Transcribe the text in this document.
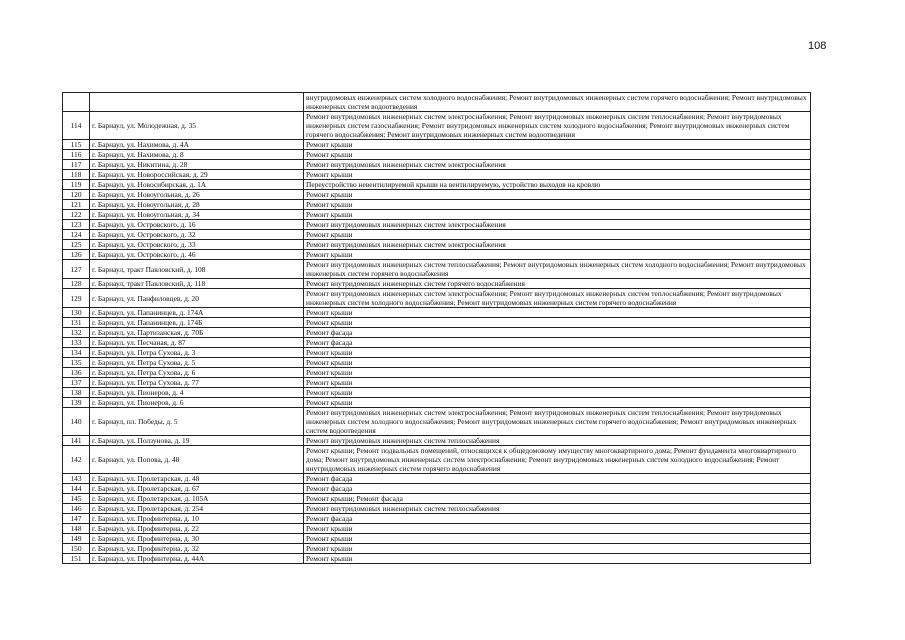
108
		внутридомовых инженерных систем холодного водоснабжения; Ремонт внутридомовых инженерных систем горячего водоснабжения; Ремонт внутридомовых инженерных систем водоотведения
114	г. Барнаул, ул. Молодежная, д. 35	Ремонт внутридомовых инженерных систем электроснабжения; Ремонт внутридомовых инженерных систем теплоснабжения; Ремонт внутридомовых инженерных систем газоснабжения; Ремонт внутридомовых инженерных систем холодного водоснабжения; Ремонт внутридомовых инженерных систем горячего водоснабжения; Ремонт внутридомовых инженерных систем водоотведения
115	г. Барнаул, ул. Нахимова, д. 4А	Ремонт крыши
116	г. Барнаул, ул. Нахимова, д. 8	Ремонт крыши
117	г. Барнаул, ул. Никитина, д. 28	Ремонт внутридомовых инженерных систем электроснабжения
118	г. Барнаул, ул. Новороссийская, д. 29	Ремонт крыши
119	г. Барнаул, ул. Новосибирская, д. 1А	Переустройство невентилируемой крыши на вентилируемую, устройство выходов на кровлю
120	г. Барнаул, ул. Новоугольная, д. 26	Ремонт крыши
121	г. Барнаул, ул. Новоугольная, д. 28	Ремонт крыши
122	г. Барнаул, ул. Новоугольная, д. 34	Ремонт крыши
123	г. Барнаул, ул. Островского, д. 16	Ремонт внутридомовых инженерных систем электроснабжения
124	г. Барнаул, ул. Островского, д. 32	Ремонт крыши
125	г. Барнаул, ул. Островского, д. 33	Ремонт внутридомовых инженерных систем электроснабжения
126	г. Барнаул, ул. Островского, д. 46	Ремонт крыши
127	г. Барнаул, тракт Павловский, д. 108	Ремонт внутридомовых инженерных систем теплоснабжения; Ремонт внутридомовых инженерных систем холодного водоснабжения; Ремонт внутридомовых инженерных систем горячего водоснабжения
128	г. Барнаул, тракт Павловский, д. 118	Ремонт внутридомовых инженерных систем горячего водоснабжения
129	г. Барнаул, ул. Панфиловцев, д. 20	Ремонт внутридомовых инженерных систем электроснабжения; Ремонт внутридомовых инженерных систем теплоснабжения; Ремонт внутридомовых инженерных систем холодного водоснабжения; Ремонт внутридомовых инженерных систем горячего водоснабжения
130	г. Барнаул, ул. Папанинцев, д. 174А	Ремонт крыши
131	г. Барнаул, ул. Папанинцев, д. 174Б	Ремонт крыши
132	г. Барнаул, ул. Партизанская, д. 70Б	Ремонт фасада
133	г. Барнаул, ул. Песчаная, д. 87	Ремонт фасада
134	г. Барнаул, ул. Петра Сухова, д. 3	Ремонт крыши
135	г. Барнаул, ул. Петра Сухова, д. 5	Ремонт крыши
136	г. Барнаул, ул. Петра Сухова, д. 6	Ремонт крыши
137	г. Барнаул, ул. Петра Сухова, д. 77	Ремонт крыши
138	г. Барнаул, ул. Пионеров, д. 4	Ремонт крыши
139	г. Барнаул, ул. Пионеров, д. 6	Ремонт крыши
140	г. Барнаул, пл. Победы, д. 5	Ремонт внутридомовых инженерных систем электроснабжения; Ремонт внутридомовых инженерных систем теплоснабжения; Ремонт внутридомовых инженерных систем холодного водоснабжения; Ремонт внутридомовых инженерных систем горячего водоснабжения; Ремонт внутридомовых инженерных систем водоотведения
141	г. Барнаул, ул. Ползунова, д. 19	Ремонт внутридомовых инженерных систем теплоснабжения
142	г. Барнаул, ул. Попова, д. 48	Ремонт крыши; Ремонт подвальных помещений, относящихся к общедомовому имуществу многоквартирного дома; Ремонт фундамента многоквартирного дома; Ремонт внутридомовых инженерных систем электроснабжения; Ремонт внутридомовых инженерных систем холодного водоснабжения; Ремонт внутридомовых инженерных систем горячего водоснабжения
143	г. Барнаул, ул. Пролетарская, д. 48	Ремонт фасада
144	г. Барнаул, ул. Пролетарская, д. 67	Ремонт фасада
145	г. Барнаул, ул. Пролетарская, д. 105А	Ремонт крыши; Ремонт фасада
146	г. Барнаул, ул. Пролетарская, д. 254	Ремонт внутридомовых инженерных систем теплоснабжения
147	г. Барнаул, ул. Профинтерна, д. 10	Ремонт фасада
148	г. Барнаул, ул. Профинтерна, д. 22	Ремонт крыши
149	г. Барнаул, ул. Профинтерна, д. 30	Ремонт крыши
150	г. Барнаул, ул. Профинтерна, д. 32	Ремонт крыши
151	г. Барнаул, ул. Профинтерна, д. 44А	Ремонт крыши
